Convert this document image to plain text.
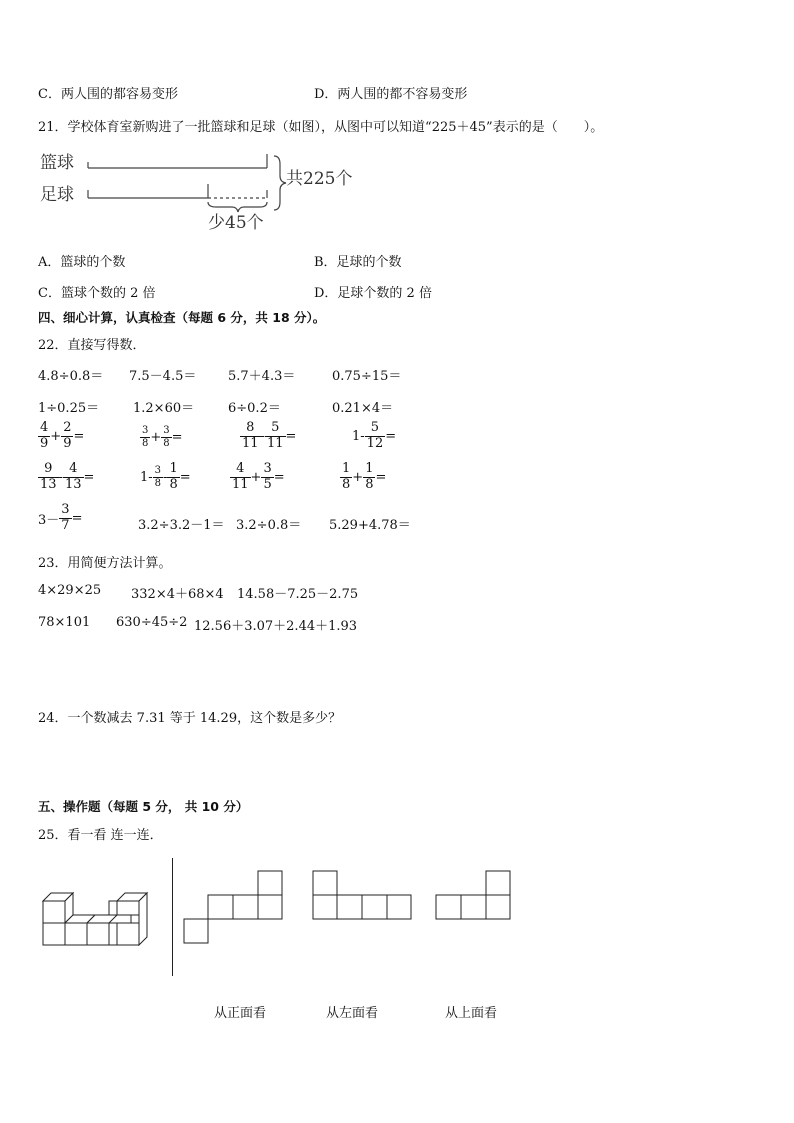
C．两人围的都容易变形	D．两人围的都不容易变形
21．学校体育室新购进了一批篮球和足球（如图），从图中可以知道“225＋45”表示的是（　　）。
篮球
足球
共225个
少45个
A．篮球的个数	B．足球的个数
C．篮球个数的 2 倍	D．足球个数的 2 倍
四、细心计算，认真检查（每题 6 分，共 18 分）。
22．直接写得数．
4.8÷0.8＝ 7.5－4.5＝ 5.7＋4.3＝	0.75÷15＝
1÷0.25＝	1.2×60＝	6÷0.2＝	0.21×4＝
$\frac{4}{9} + \frac{2}{9}$ =	$\frac{3}{8} + \frac{3}{8}$ =	$\frac{8}{11} - \frac{5}{11}$ =	$1- \frac{5}{12}$ =
$\frac{9}{13} - \frac{4}{13}$ =	$1- \frac{3}{8} - \frac{1}{8}$ =	$\frac{4}{11} + \frac{3}{5}$ =	$\frac{1}{8} + \frac{1}{8}$ =
$3- \frac{3}{7}$ =	3.2÷3.2－1＝ 3.2÷0.8＝ 5.29+4.78＝
23．用简便方法计算。
4×29×25 332×4＋68×4 14.58－7.25－2.75
78×101 630÷45÷2 12.56＋3.07＋2.44＋1.93
24．一个数减去 7.31 等于 14.29，这个数是多少？
五、操作题（每题 5 分， 共 10 分）
25．看一看 连一连．
从正面看	从左面看	从上面看
